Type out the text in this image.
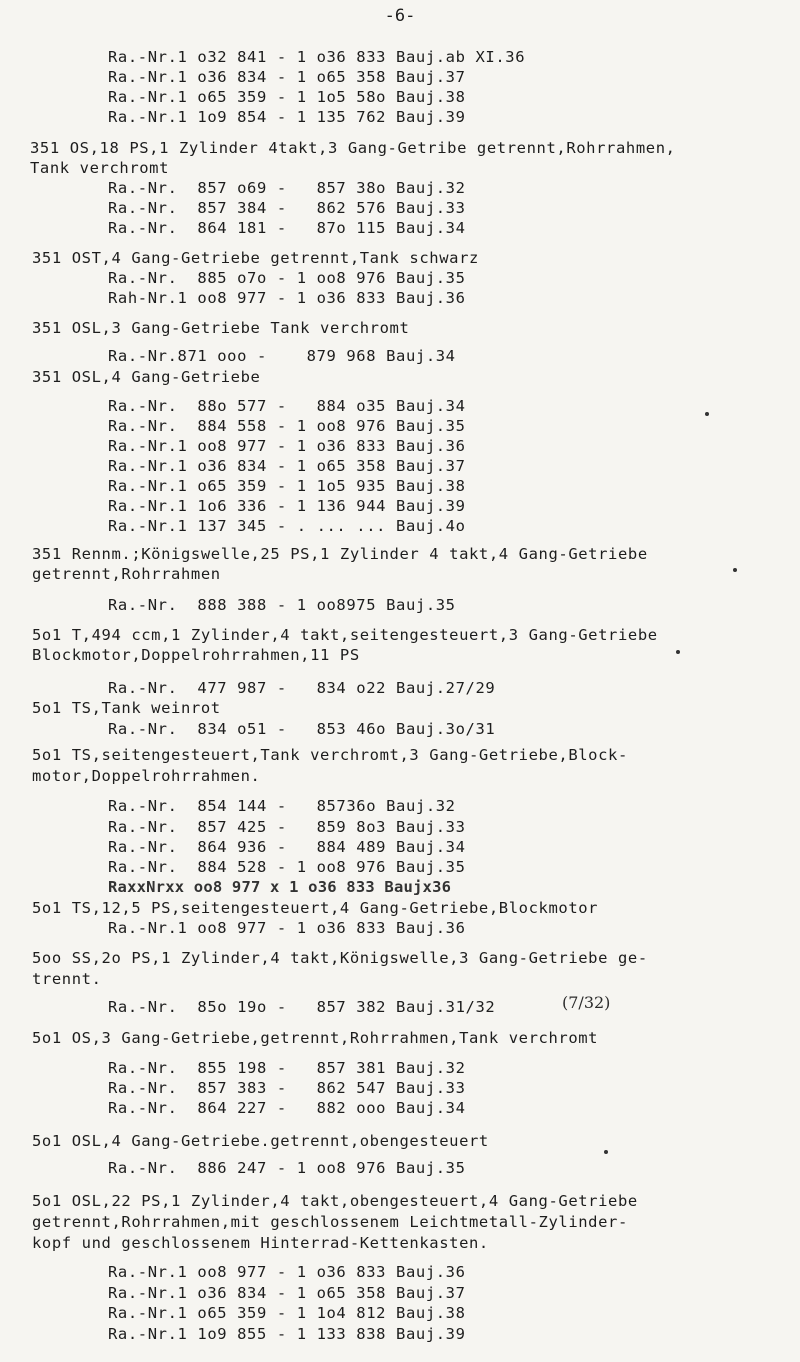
-6-
Ra.-Nr.1 o32 841 - 1 o36 833 Bauj.ab XI.36
Ra.-Nr.1 o36 834 - 1 o65 358 Bauj.37
Ra.-Nr.1 o65 359 - 1 1o5 58o Bauj.38
Ra.-Nr.1 1o9 854 - 1 135 762 Bauj.39
351 OS,18 PS,1 Zylinder 4takt,3 Gang-Getribe getrennt,Rohrrahmen,
Tank verchromt
Ra.-Nr.  857 o69 -   857 38o Bauj.32
Ra.-Nr.  857 384 -   862 576 Bauj.33
Ra.-Nr.  864 181 -   87o 115 Bauj.34
351 OST,4 Gang-Getriebe getrennt,Tank schwarz
Ra.-Nr.  885 o7o - 1 oo8 976 Bauj.35
Rah-Nr.1 oo8 977 - 1 o36 833 Bauj.36
351 OSL,3 Gang-Getriebe Tank verchromt
Ra.-Nr.871 ooo -    879 968 Bauj.34
351 OSL,4 Gang-Getriebe
Ra.-Nr.  88o 577 -   884 o35 Bauj.34
Ra.-Nr.  884 558 - 1 oo8 976 Bauj.35
Ra.-Nr.1 oo8 977 - 1 o36 833 Bauj.36
Ra.-Nr.1 o36 834 - 1 o65 358 Bauj.37
Ra.-Nr.1 o65 359 - 1 1o5 935 Bauj.38
Ra.-Nr.1 1o6 336 - 1 136 944 Bauj.39
Ra.-Nr.1 137 345 - . ... ... Bauj.4o
351 Rennm.;Königswelle,25 PS,1 Zylinder 4 takt,4 Gang-Getriebe
getrennt,Rohrrahmen
Ra.-Nr.  888 388 - 1 oo8975 Bauj.35
5o1 T,494 ccm,1 Zylinder,4 takt,seitengesteuert,3 Gang-Getriebe
Blockmotor,Doppelrohrrahmen,11 PS
Ra.-Nr.  477 987 -   834 o22 Bauj.27/29
5o1 TS,Tank weinrot
Ra.-Nr.  834 o51 -   853 46o Bauj.3o/31
5o1 TS,seitengesteuert,Tank verchromt,3 Gang-Getriebe,Block-
motor,Doppelrohrrahmen.
Ra.-Nr.  854 144 -   85736o Bauj.32
Ra.-Nr.  857 425 -   859 8o3 Bauj.33
Ra.-Nr.  864 936 -   884 489 Bauj.34
Ra.-Nr.  884 528 - 1 oo8 976 Bauj.35
RaxxNrxx oo8 977 x 1 o36 833 Baujx36
5o1 TS,12,5 PS,seitengesteuert,4 Gang-Getriebe,Blockmotor
Ra.-Nr.1 oo8 977 - 1 o36 833 Bauj.36
5oo SS,2o PS,1 Zylinder,4 takt,Königswelle,3 Gang-Getriebe ge-
trennt.
Ra.-Nr.  85o 19o -   857 382 Bauj.31/32	(7/32)
5o1 OS,3 Gang-Getriebe,getrennt,Rohrrahmen,Tank verchromt
Ra.-Nr.  855 198 -   857 381 Bauj.32
Ra.-Nr.  857 383 -   862 547 Bauj.33
Ra.-Nr.  864 227 -   882 ooo Bauj.34
5o1 OSL,4 Gang-Getriebe.getrennt,obengesteuert
Ra.-Nr.  886 247 - 1 oo8 976 Bauj.35
5o1 OSL,22 PS,1 Zylinder,4 takt,obengesteuert,4 Gang-Getriebe
getrennt,Rohrrahmen,mit geschlossenem Leichtmetall-Zylinder-
kopf und geschlossenem Hinterrad-Kettenkasten.
Ra.-Nr.1 oo8 977 - 1 o36 833 Bauj.36
Ra.-Nr.1 o36 834 - 1 o65 358 Bauj.37
Ra.-Nr.1 o65 359 - 1 1o4 812 Bauj.38
Ra.-Nr.1 1o9 855 - 1 133 838 Bauj.39
